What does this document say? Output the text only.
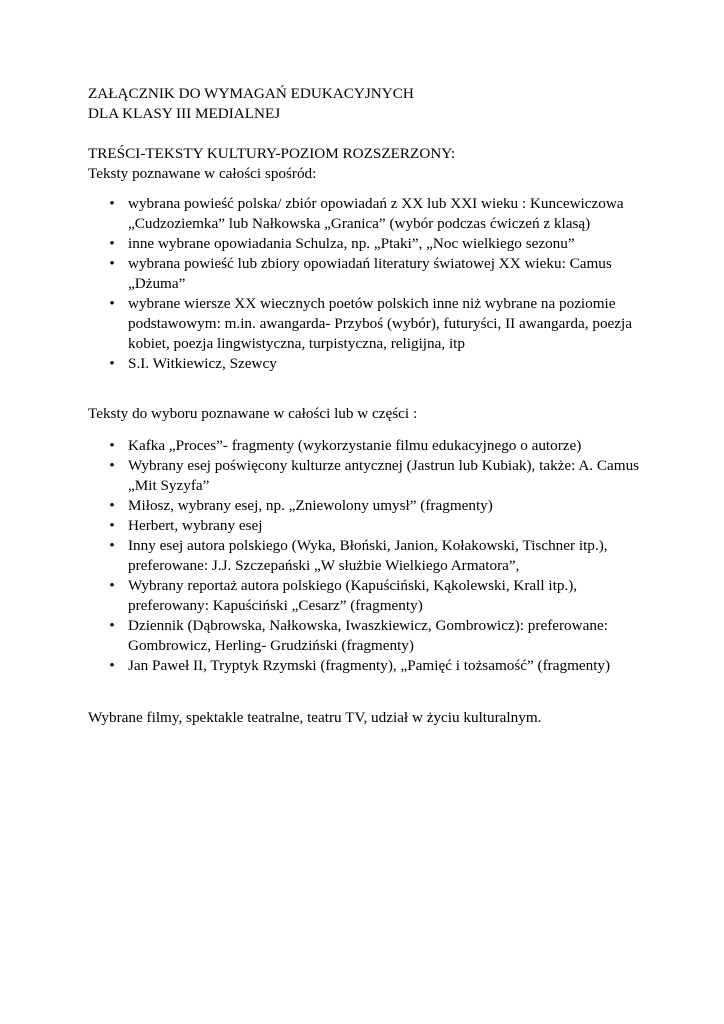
ZAŁĄCZNIK DO WYMAGAŃ EDUKACYJNYCH
DLA KLASY III MEDIALNEJ
TREŚCI-TEKSTY KULTURY-POZIOM ROZSZERZONY:
Teksty poznawane w całości spośród:
• wybrana powieść polska/ zbiór opowiadań z XX lub XXI wieku : Kuncewiczowa
„Cudzoziemka” lub Nałkowska „Granica” (wybór podczas ćwiczeń z klasą)
• inne wybrane opowiadania Schulza, np. „Ptaki”, „Noc wielkiego sezonu”
• wybrana powieść lub zbiory opowiadań literatury światowej XX wieku: Camus
„Dżuma”
• wybrane wiersze XX wiecznych poetów polskich inne niż wybrane na poziomie
podstawowym: m.in. awangarda- Przyboś (wybór), futuryści, II awangarda, poezja
kobiet, poezja lingwistyczna, turpistyczna, religijna, itp
• S.I. Witkiewicz, Szewcy
Teksty do wyboru poznawane w całości lub w części :
• Kafka „Proces”- fragmenty (wykorzystanie filmu edukacyjnego o autorze)
• Wybrany esej poświęcony kulturze antycznej (Jastrun lub Kubiak), także: A. Camus
„Mit Syzyfa”
• Miłosz, wybrany esej, np. „Zniewolony umysł” (fragmenty)
• Herbert, wybrany esej
• Inny esej autora polskiego (Wyka, Błoński, Janion, Kołakowski, Tischner itp.),
preferowane: J.J. Szczepański „W służbie Wielkiego Armatora”,
• Wybrany reportaż autora polskiego (Kapuściński, Kąkolewski, Krall itp.),
preferowany: Kapuściński „Cesarz” (fragmenty)
• Dziennik (Dąbrowska, Nałkowska, Iwaszkiewicz, Gombrowicz): preferowane:
Gombrowicz, Herling- Grudziński (fragmenty)
• Jan Paweł II, Tryptyk Rzymski (fragmenty), „Pamięć i tożsamość” (fragmenty)
Wybrane filmy, spektakle teatralne, teatru TV, udział w życiu kulturalnym.
